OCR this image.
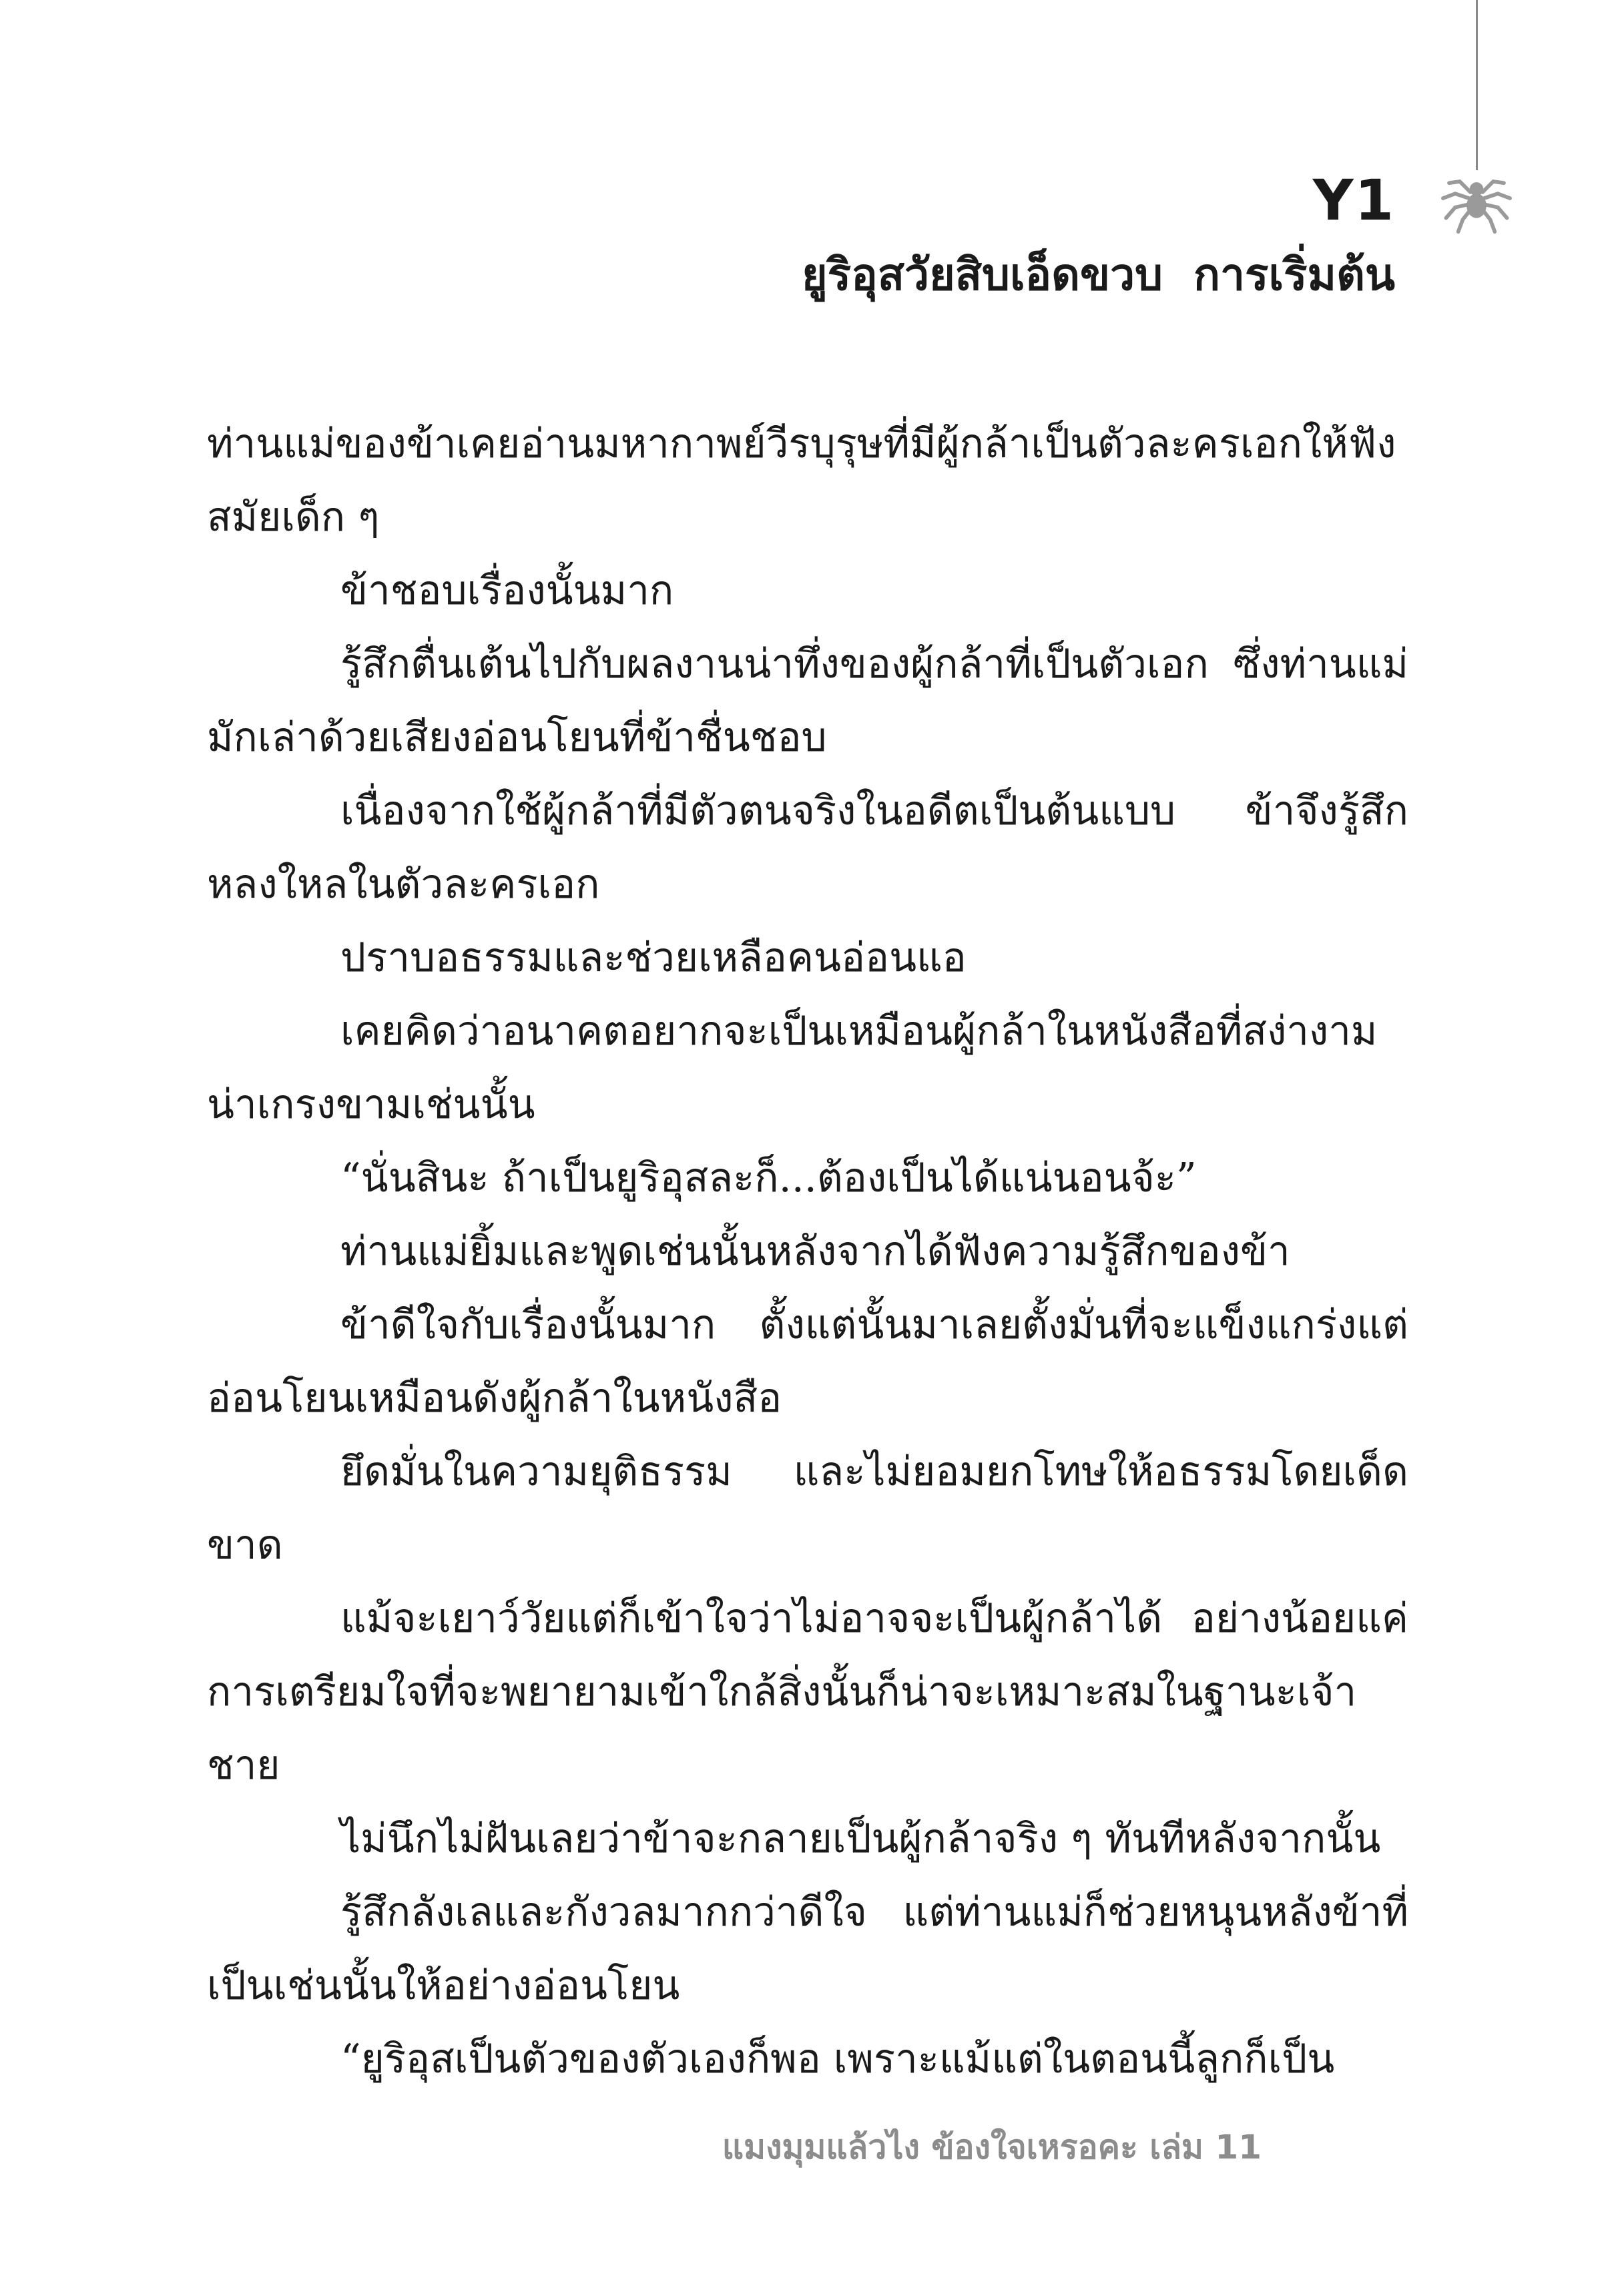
Y1
ยูริอุสวัยสิบเอ็ดขวบ  การเริ่มต้น

ท่านแม่ของข้าเคยอ่านมหากาพย์วีรบุรุษที่มีผู้กล้าเป็นตัวละครเอกให้ฟังสมัยเด็ก ๆ

ข้าชอบเรื่องนั้นมาก

รู้สึกตื่นเต้นไปกับผลงานน่าทึ่งของผู้กล้าที่เป็นตัวเอก ซึ่งท่านแม่มักเล่าด้วยเสียงอ่อนโยนที่ข้าชื่นชอบ

เนื่องจากใช้ผู้กล้าที่มีตัวตนจริงในอดีตเป็นต้นแบบ ข้าจึงรู้สึกหลงใหลในตัวละครเอก

ปราบอธรรมและช่วยเหลือคนอ่อนแอ

เคยคิดว่าอนาคตอยากจะเป็นเหมือนผู้กล้าในหนังสือที่สง่างามน่าเกรงขามเช่นนั้น

“นั่นสินะ ถ้าเป็นยูริอุสละก็...ต้องเป็นได้แน่นอนจ้ะ”

ท่านแม่ยิ้มและพูดเช่นนั้นหลังจากได้ฟังความรู้สึกของข้า

ข้าดีใจกับเรื่องนั้นมาก ตั้งแต่นั้นมาเลยตั้งมั่นที่จะแข็งแกร่งแต่อ่อนโยนเหมือนดังผู้กล้าในหนังสือ

ยึดมั่นในความยุติธรรม และไม่ยอมยกโทษให้อธรรมโดยเด็ดขาด

แม้จะเยาว์วัยแต่ก็เข้าใจว่าไม่อาจจะเป็นผู้กล้าได้ อย่างน้อยแค่การเตรียมใจที่จะพยายามเข้าใกล้สิ่งนั้นก็น่าจะเหมาะสมในฐานะเจ้าชาย

ไม่นึกไม่ฝันเลยว่าข้าจะกลายเป็นผู้กล้าจริง ๆ ทันทีหลังจากนั้น

รู้สึกลังเลและกังวลมากกว่าดีใจ แต่ท่านแม่ก็ช่วยหนุนหลังข้าที่เป็นเช่นนั้นให้อย่างอ่อนโยน

“ยูริอุสเป็นตัวของตัวเองก็พอ เพราะแม้แต่ในตอนนี้ลูกก็เป็น

แมงมุมแล้วไง ข้องใจเหรอคะ เล่ม 11
